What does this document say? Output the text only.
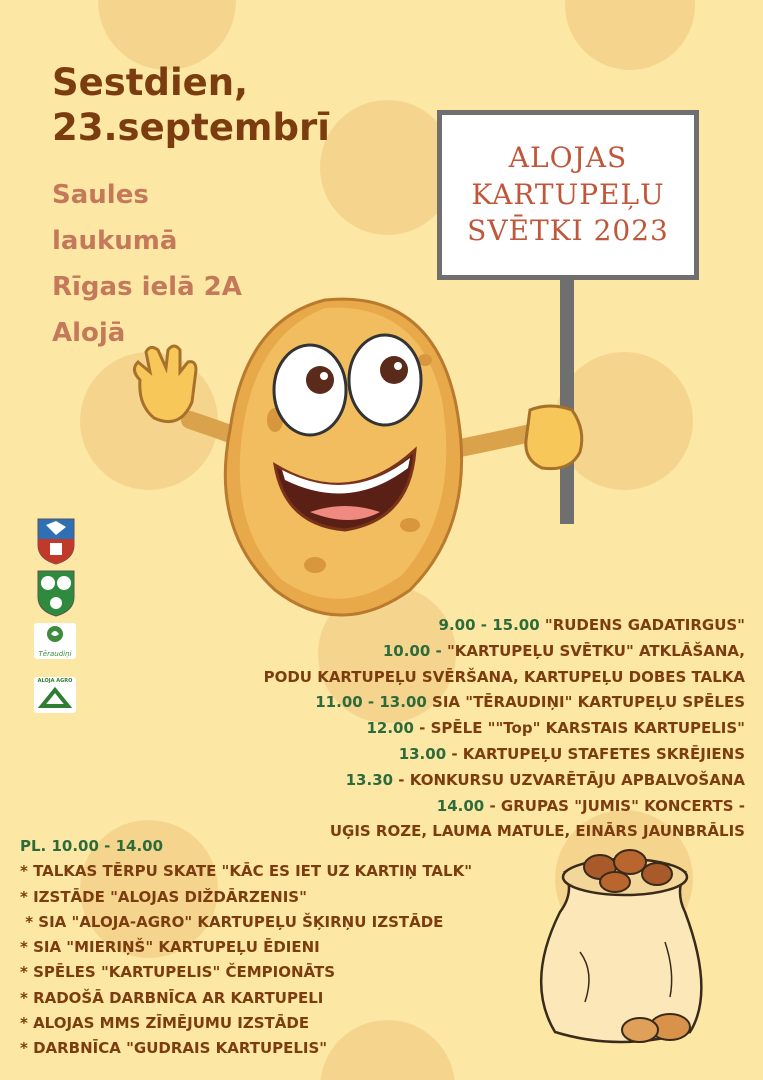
Sestdien,
23.septembrī
Saules
laukumā
Rīgas ielā 2A
Alojā
ALOJAS
KARTUPEĻU
SVĒTKI 2023
Tēraudiņi
ALOJA AGRO
9.00 - 15.00 "RUDENS GADATIRGUS"
10.00 - "KARTUPEĻU SVĒTKU" ATKLĀŠANA,
PODU KARTUPEĻU SVĒRŠANA, KARTUPEĻU DOBES TALKA
11.00 - 13.00 SIA "TĒRAUDIŅI" KARTUPEĻU SPĒLES
12.00 - SPĒLE ""Top" KARSTAIS KARTUPELIS"
13.00 - KARTUPEĻU STAFETES SKRĒJIENS
13.30 - KONKURSU UZVARĒTĀJU APBALVOŠANA
14.00 - GRUPAS "JUMIS" KONCERTS -
UĢIS ROZE, LAUMA MATULE, EINĀRS JAUNBRĀLIS
PL. 10.00 - 14.00
* TALKAS TĒRPU SKATE "KĀC ES IET UZ KARTIŅ TALK"
* IZSTĀDE "ALOJAS DIŽDĀRZENIS"
* SIA "ALOJA-AGRO" KARTUPEĻU ŠĶIRŅU IZSTĀDE
* SIA "MIERIŅŠ" KARTUPEĻU ĒDIENI
* SPĒLES "KARTUPELIS" ČEMPIONĀTS
* RADOŠĀ DARBNĪCA AR KARTUPELI
* ALOJAS MMS ZĪMĒJUMU IZSTĀDE
* DARBNĪCA "GUDRAIS KARTUPELIS"
